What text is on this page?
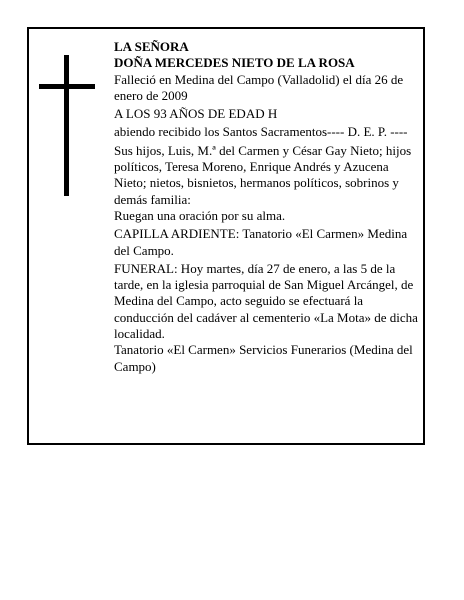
LA SEÑORA

DOÑA MERCEDES NIETO DE LA ROSA

Falleció en Medina del Campo (Valladolid) el día 26 de enero de 2009

A LOS 93 AÑOS DE EDAD H

abiendo recibido los Santos Sacramentos---- D. E. P. ----

Sus hijos, Luis, M.ª del Carmen y César Gay Nieto; hijos políticos, Teresa Moreno, Enrique Andrés y Azucena Nieto; nietos, bisnietos, hermanos políticos, sobrinos y demás familia:

Ruegan una oración por su alma.

CAPILLA ARDIENTE: Tanatorio «El Carmen» Medina del Campo.

FUNERAL: Hoy martes, día 27 de enero, a las 5 de la tarde, en la iglesia parroquial de San Miguel Arcángel, de Medina del Campo, acto seguido se efectuará la conducción del cadáver al cementerio «La Mota» de dicha localidad.

Tanatorio «El Carmen» Servicios Funerarios (Medina del Campo)
